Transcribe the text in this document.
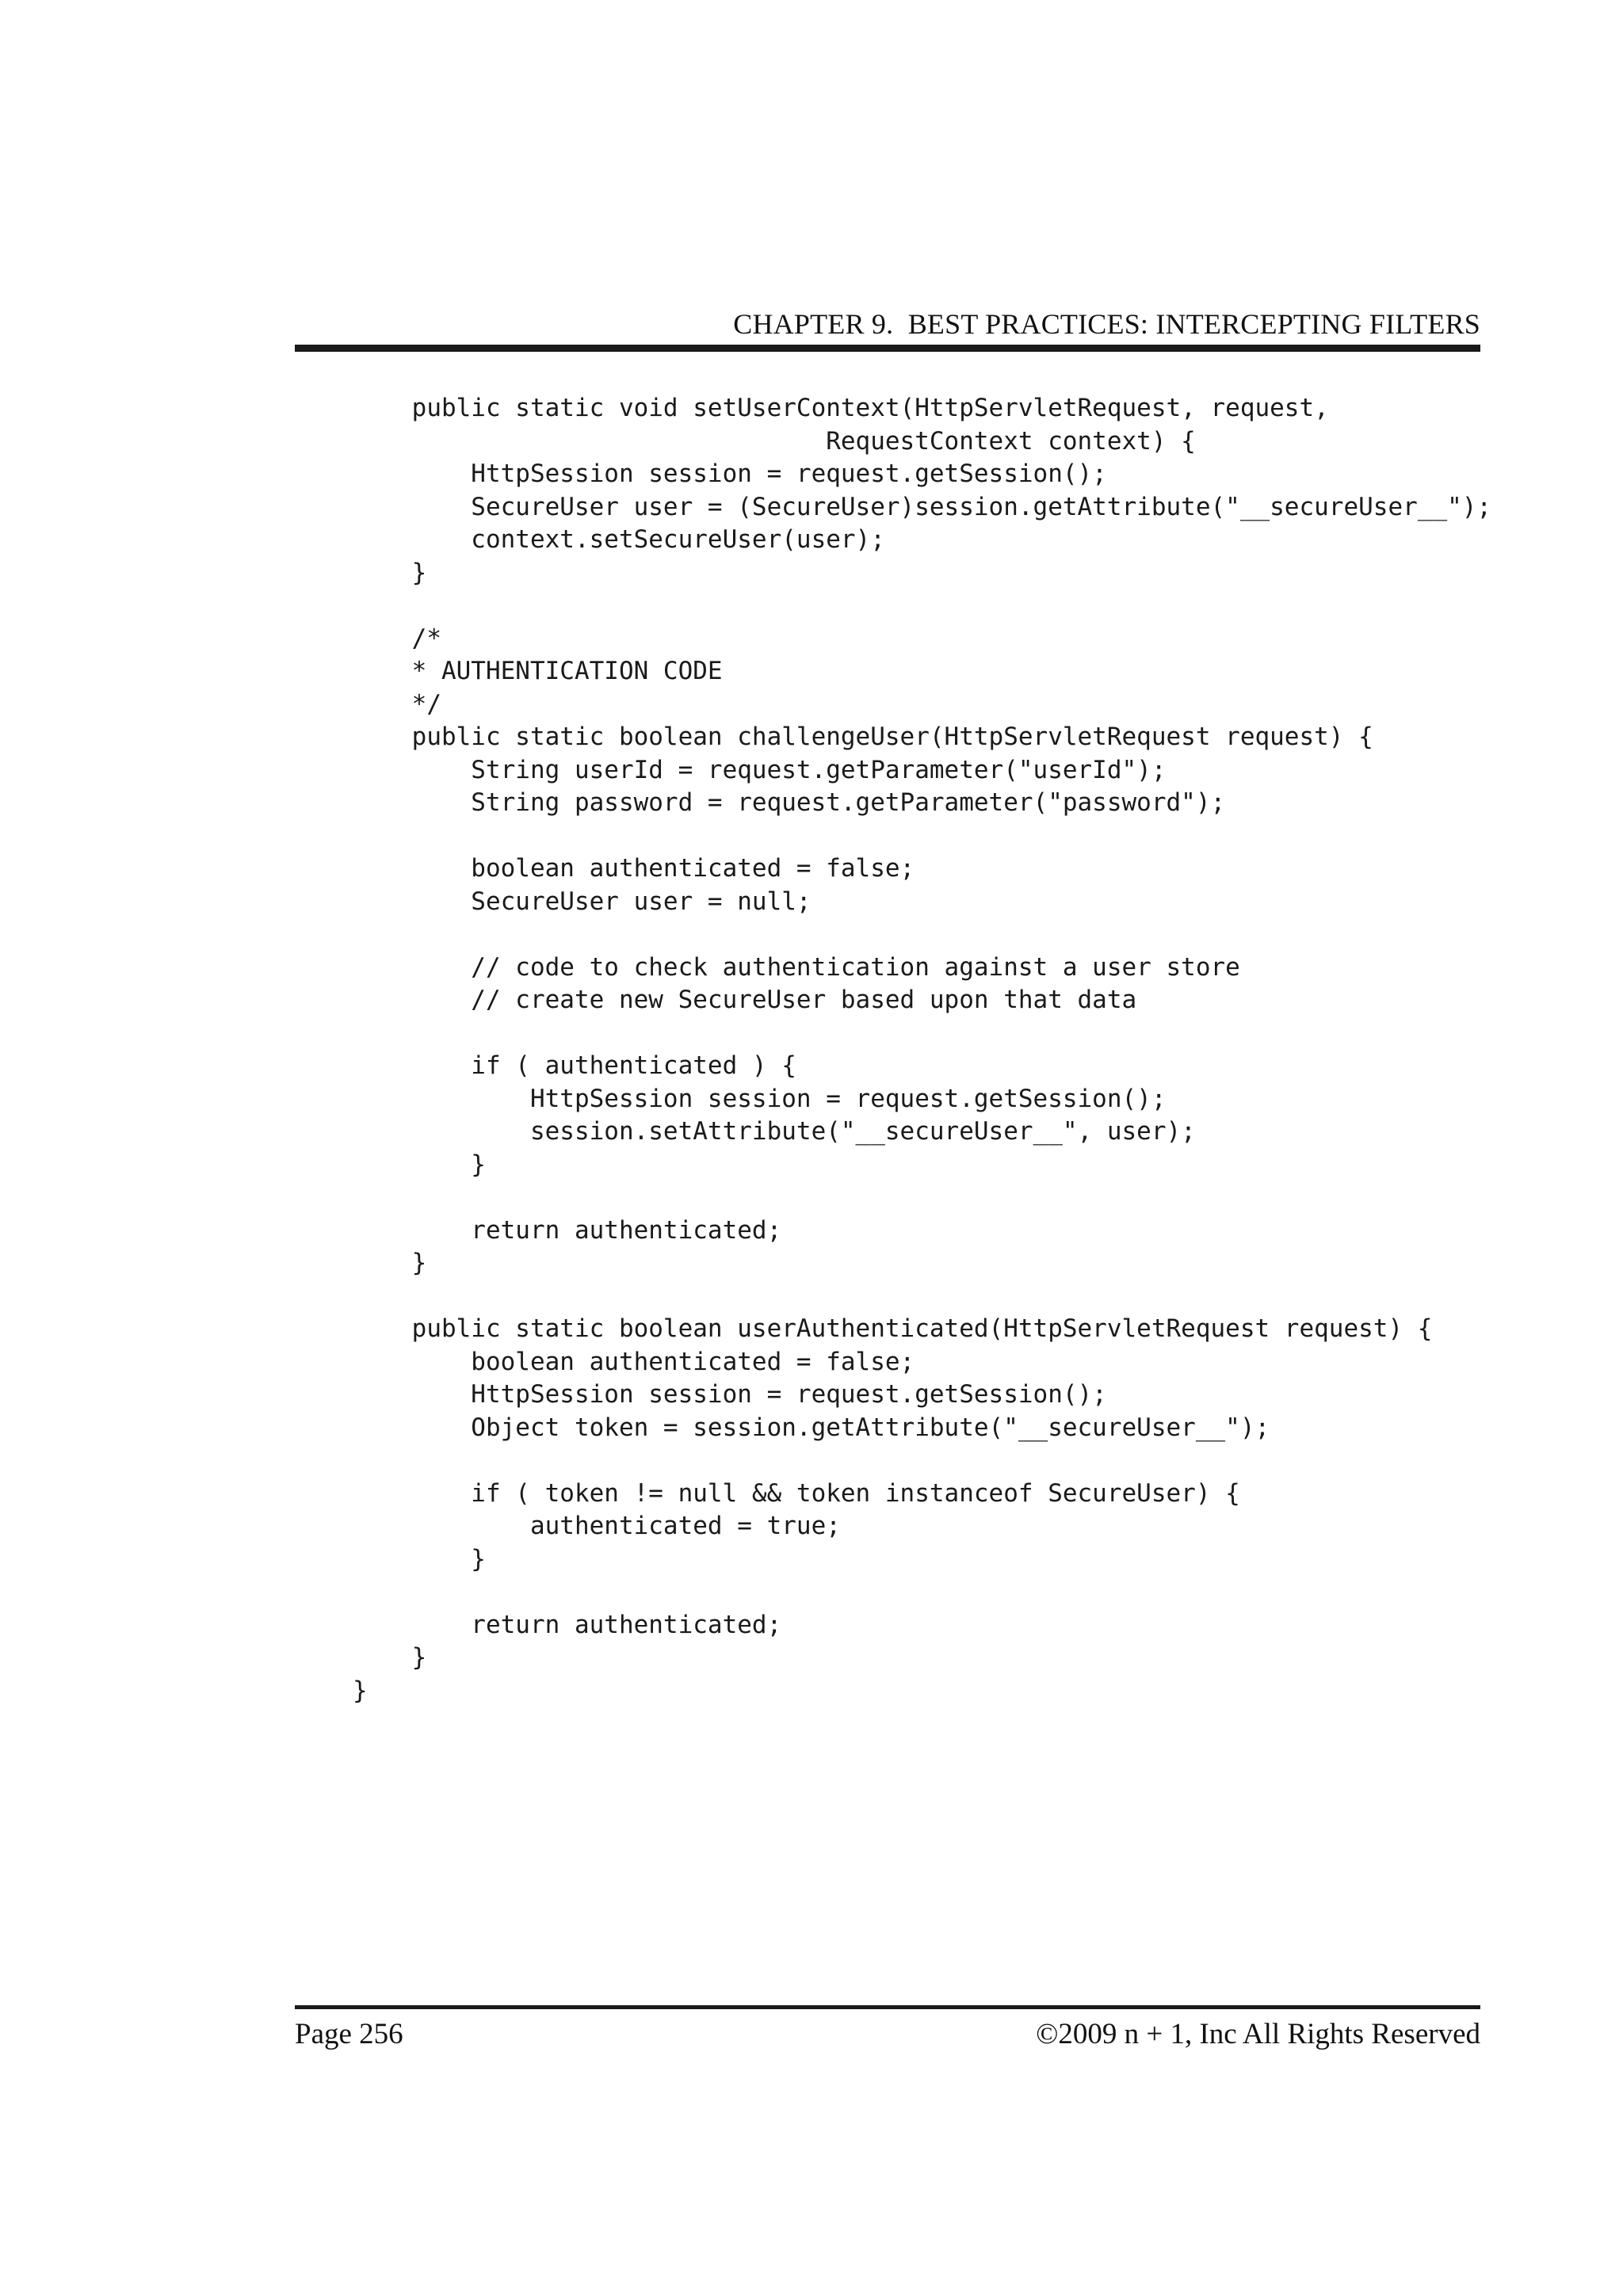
CHAPTER 9.  BEST PRACTICES: INTERCEPTING FILTERS
public static void setUserContext(HttpServletRequest, request,
RequestContext context) {
HttpSession session = request.getSession();
SecureUser user = (SecureUser)session.getAttribute("__secureUser__");
context.setSecureUser(user);
}
/*
* AUTHENTICATION CODE
*/
public static boolean challengeUser(HttpServletRequest request) {
String userId = request.getParameter("userId");
String password = request.getParameter("password");
boolean authenticated = false;
SecureUser user = null;
// code to check authentication against a user store
// create new SecureUser based upon that data
if ( authenticated ) {
HttpSession session = request.getSession();
session.setAttribute("__secureUser__", user);
}
return authenticated;
}
public static boolean userAuthenticated(HttpServletRequest request) {
boolean authenticated = false;
HttpSession session = request.getSession();
Object token = session.getAttribute("__secureUser__");
if ( token != null && token instanceof SecureUser) {
authenticated = true;
}
return authenticated;
}
}
Page 256	©2009 n + 1, Inc All Rights Reserved
